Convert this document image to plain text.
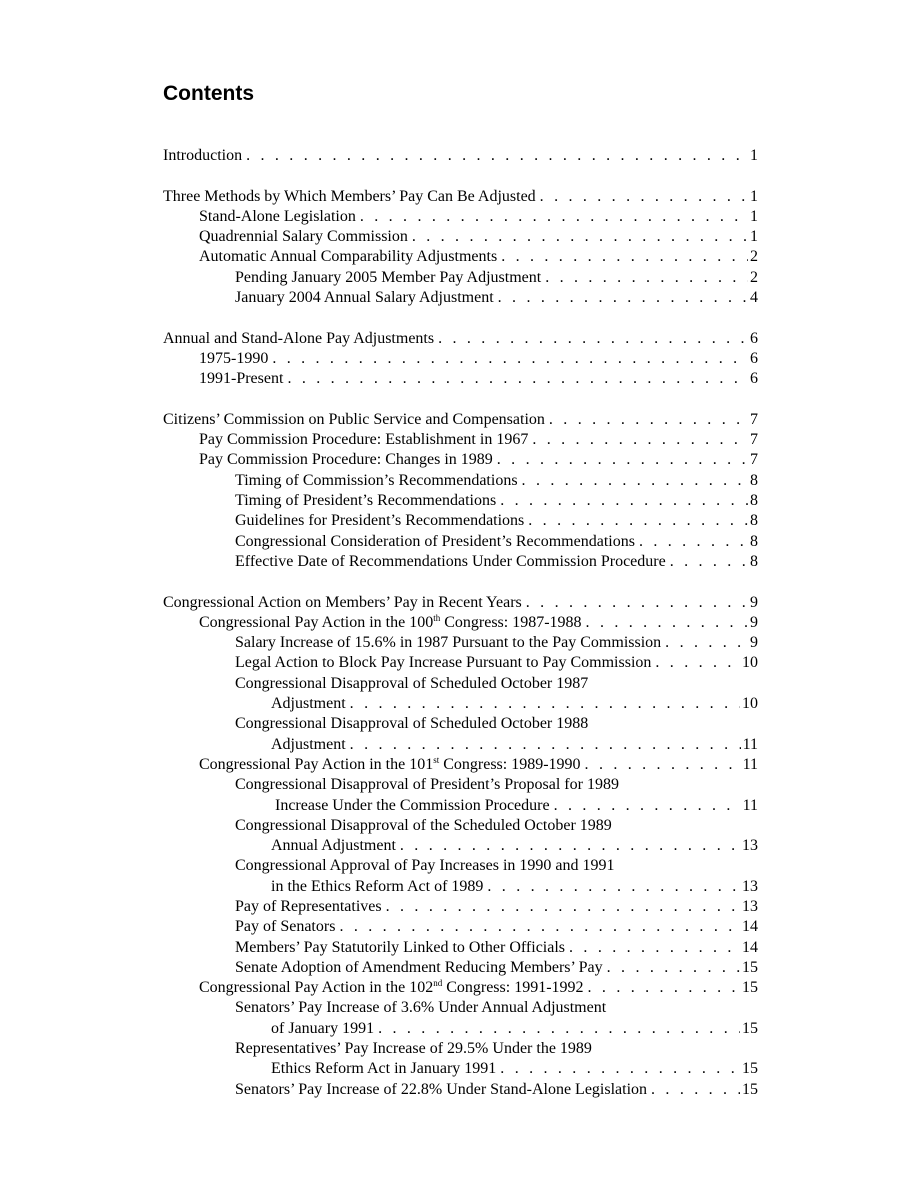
Contents
Introduction . . .	1
Three Methods by Which Members’ Pay Can Be Adjusted . . .	1
Stand-Alone Legislation . . .	1
Quadrennial Salary Commission . . .	1
Automatic Annual Comparability Adjustments . . .	2
Pending January 2005 Member Pay Adjustment . . .	2
January 2004 Annual Salary Adjustment . . .	4
Annual and Stand-Alone Pay Adjustments . . .	6
1975-1990 . . .	6
1991-Present . . .	6
Citizens’ Commission on Public Service and Compensation . . .	7
Pay Commission Procedure: Establishment in 1967 . . .	7
Pay Commission Procedure: Changes in 1989 . . .	7
Timing of Commission’s Recommendations . . .	8
Timing of President’s Recommendations . . .	8
Guidelines for President’s Recommendations . . .	8
Congressional Consideration of President’s Recommendations . . .	8
Effective Date of Recommendations Under Commission Procedure . . .	8
Congressional Action on Members’ Pay in Recent Years . . .	9
Congressional Pay Action in the 100th Congress: 1987-1988 . . .	9
Salary Increase of 15.6% in 1987 Pursuant to the Pay Commission . . .	9
Legal Action to Block Pay Increase Pursuant to Pay Commission . . .	10
Congressional Disapproval of Scheduled October 1987
Adjustment . . .	10
Congressional Disapproval of Scheduled October 1988
Adjustment . . .	11
Congressional Pay Action in the 101st Congress: 1989-1990 . . .	11
Congressional Disapproval of President’s Proposal for 1989
Increase Under the Commission Procedure . . .	11
Congressional Disapproval of the Scheduled October 1989
Annual Adjustment . . .	13
Congressional Approval of Pay Increases in 1990 and 1991
in the Ethics Reform Act of 1989 . . .	13
Pay of Representatives . . .	13
Pay of Senators . . .	14
Members’ Pay Statutorily Linked to Other Officials . . .	14
Senate Adoption of Amendment Reducing Members’ Pay . . .	15
Congressional Pay Action in the 102nd Congress: 1991-1992 . . .	15
Senators’ Pay Increase of 3.6% Under Annual Adjustment
of January 1991 . . .	15
Representatives’ Pay Increase of 29.5% Under the 1989
Ethics Reform Act in January 1991 . . .	15
Senators’ Pay Increase of 22.8% Under Stand-Alone Legislation . . .	15
